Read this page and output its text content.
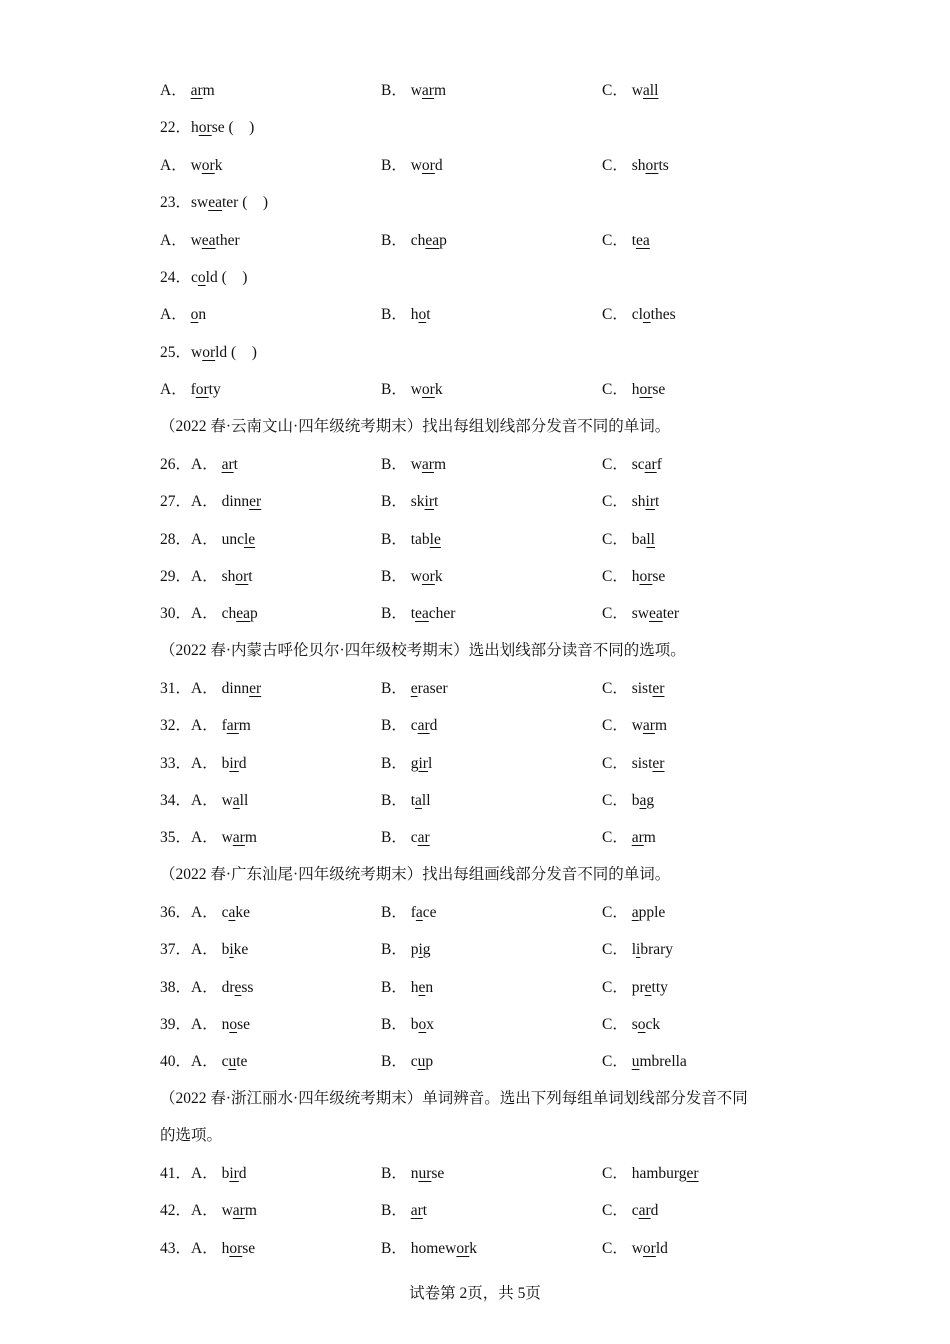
A． arm	B． warm	C． wall
22．horse (　)
A． work	B． word	C． shorts
23．sweater (　)
A． weather	B． cheap	C． tea
24．cold (　)
A． on	B． hot	C． clothes
25．world (　)
A． forty	B． work	C． horse
（2022 春·云南文山·四年级统考期末）找出每组划线部分发音不同的单词。
26．A． art	B． warm	C． scarf
27．A． dinner	B． skirt	C． shirt
28．A． uncle	B． table	C． ball
29．A． short	B． work	C． horse
30．A． cheap	B． teacher	C． sweater
（2022 春·内蒙古呼伦贝尔·四年级校考期末）选出划线部分读音不同的选项。
31．A． dinner	B． eraser	C． sister
32．A． farm	B． card	C． warm
33．A． bird	B． girl	C． sister
34．A． wall	B． tall	C． bag
35．A． warm	B． car	C． arm
（2022 春·广东汕尾·四年级统考期末）找出每组画线部分发音不同的单词。
36．A． cake	B． face	C． apple
37．A． bike	B． pig	C． library
38．A． dress	B． hen	C． pretty
39．A． nose	B． box	C． sock
40．A． cute	B． cup	C． umbrella
（2022 春·浙江丽水·四年级统考期末）单词辨音。选出下列每组单词划线部分发音不同
的选项。
41．A． bird	B． nurse	C． hamburger
42．A． warm	B． art	C． card
43．A． horse	B． homework	C． world
试卷第 2页，共 5页
